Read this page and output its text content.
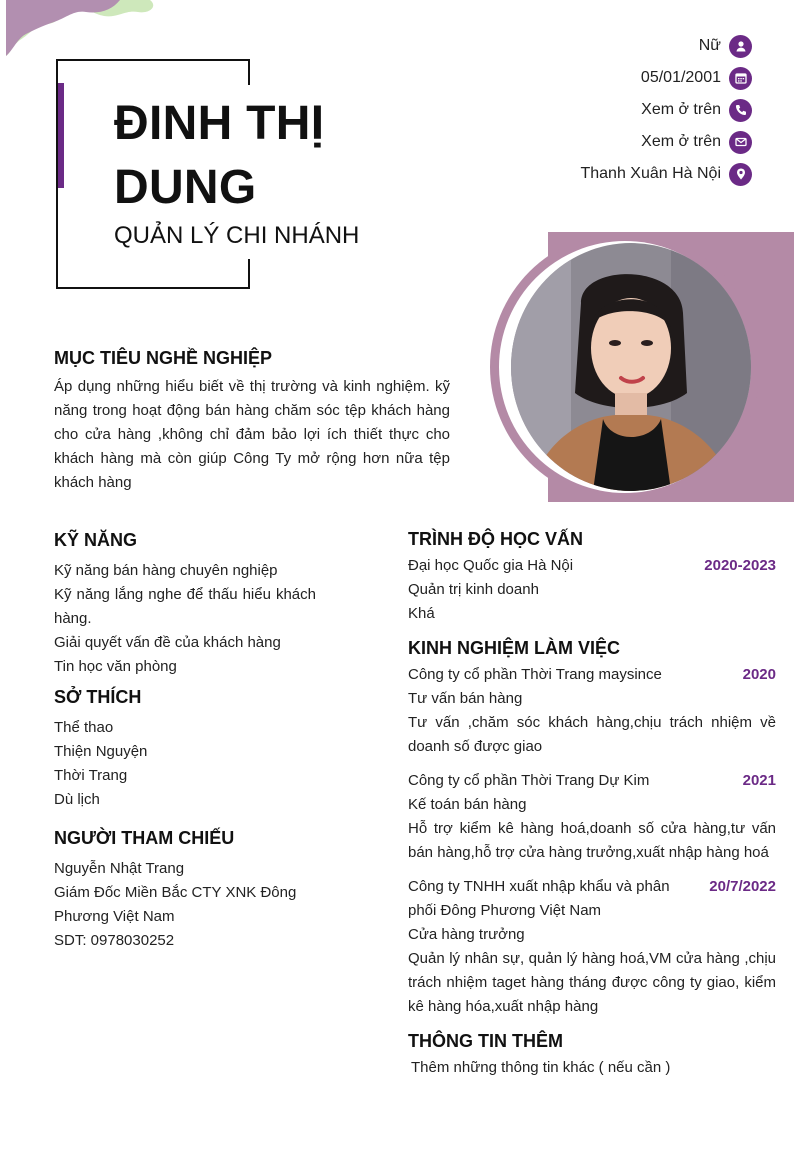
ĐINH THỊ DUNG
QUẢN LÝ CHI NHÁNH
Nữ
05/01/2001
Xem ở trên
Xem ở trên
Thanh Xuân Hà Nội
MỤC TIÊU NGHỀ NGHIỆP

Áp dụng những hiểu biết về thị trường và kinh nghiệm. kỹ năng trong hoạt động bán hàng chăm sóc tệp khách hàng cho cửa hàng ,không chỉ đảm bảo lợi ích thiết thực cho khách hàng mà còn giúp Công Ty mở rộng hơn nữa tệp khách hàng

KỸ NĂNG
Kỹ năng bán hàng chuyên nghiệp
Kỹ năng lắng nghe để thấu hiểu khách hàng.
Giải quyết vấn đề của khách hàng
Tin học văn phòng
SỞ THÍCH
Thể thao
Thiện Nguyện
Thời Trang
Dù lịch
NGƯỜI THAM CHIẾU
Nguyễn Nhật Trang
Giám Đốc Miền Bắc CTY XNK Đông Phương Việt Nam
SDT: 0978030252
TRÌNH ĐỘ HỌC VẤN
Đại học Quốc gia Hà Nội	2020-2023
Quản trị kinh doanh
Khá
KINH NGHIỆM LÀM VIỆC
Công ty cổ phần Thời Trang maysince	2020
Tư vấn bán hàng
Tư vấn ,chăm sóc khách hàng,chịu trách nhiệm về doanh số được giao
Công ty cổ phần Thời Trang Dự Kim	2021
Kế toán bán hàng
Hỗ trợ kiểm kê hàng hoá,doanh số cửa hàng,tư vấn bán hàng,hỗ trợ cửa hàng trưởng,xuất nhập hàng hoá
Công ty TNHH xuất nhập khẩu và phân phối Đông Phương Việt Nam
20/7/2022
Cửa hàng trưởng
Quản lý nhân sự, quản lý hàng hoá,VM cửa hàng ,chịu trách nhiệm taget hàng tháng được công ty giao, kiểm kê hàng hóa,xuất nhập hàng
THÔNG TIN THÊM
Thêm những thông tin khác ( nếu cần )
